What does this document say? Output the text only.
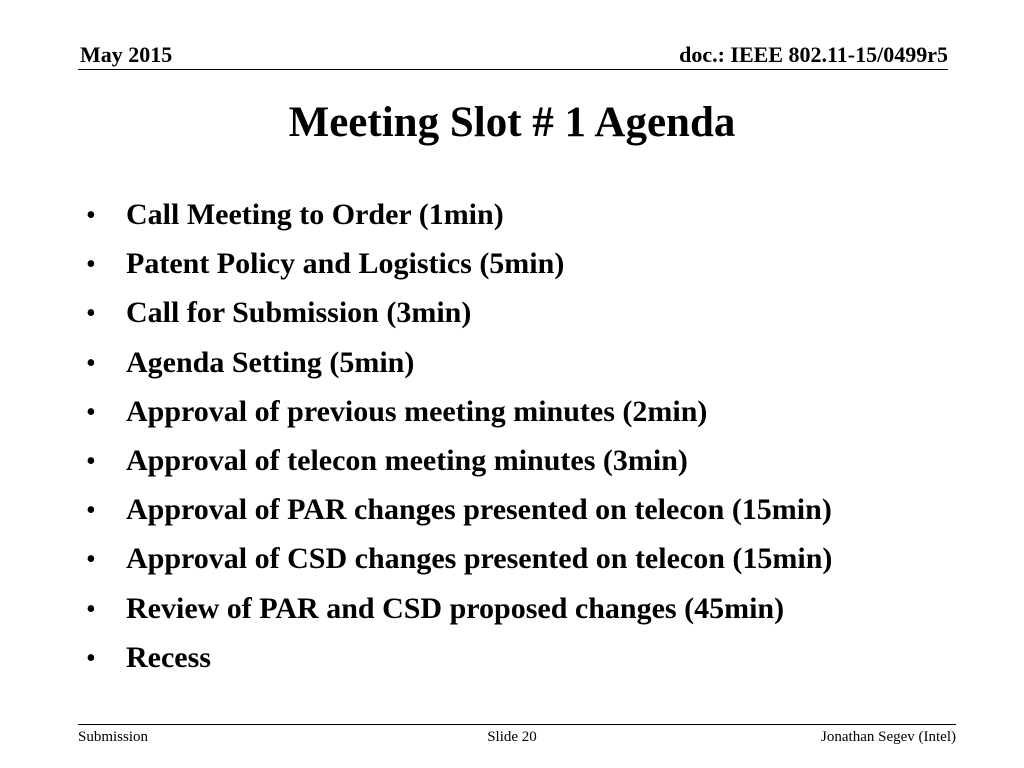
May 2015	doc.: IEEE 802.11-15/0499r5
Meeting Slot # 1 Agenda
•	Call Meeting to Order (1min)
•	Patent Policy and Logistics (5min)
•	Call for Submission (3min)
•	Agenda Setting (5min)
•	Approval of previous meeting minutes (2min)
•	Approval of telecon meeting minutes (3min)
•	Approval of PAR changes presented on telecon (15min)
•	Approval of CSD changes presented on telecon (15min)
•	Review of PAR and CSD proposed changes (45min)
•	Recess
Submission	Slide 20	Jonathan Segev (Intel)
